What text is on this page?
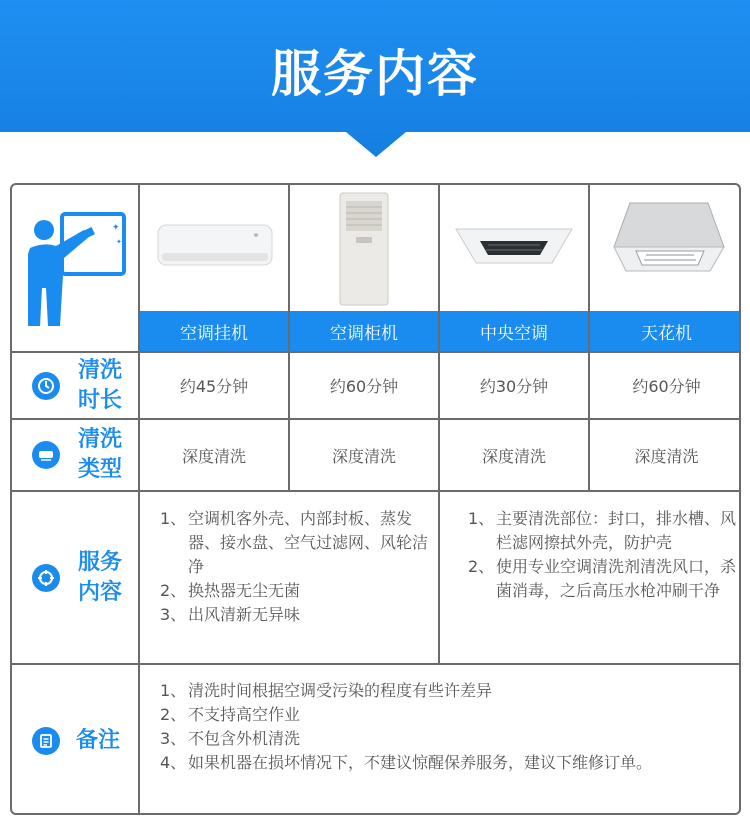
服务内容
✦
✦
空调挂机	空调柜机	中央空调	天花机
清洗
时长
约45分钟	约60分钟	约30分钟	约60分钟
清洗
类型
深度清洗	深度清洗	深度清洗	深度清洗
服务
内容
1、 空调机客外壳、内部封板、蒸发器、接水盘、空气过滤网、风轮洁净
2、 换热器无尘无菌
3、 出风清新无异味
1、 主要清洗部位：封口，排水槽、风栏滤网擦拭外壳，防护壳
2、 使用专业空调清洗剂清洗风口，杀菌消毒，之后高压水枪冲刷干净
备注
1、 清洗时间根据空调受污染的程度有些许差异
2、 不支持高空作业
3、 不包含外机清洗
4、 如果机器在损坏情况下，不建议惊醒保养服务，建议下维修订单。
